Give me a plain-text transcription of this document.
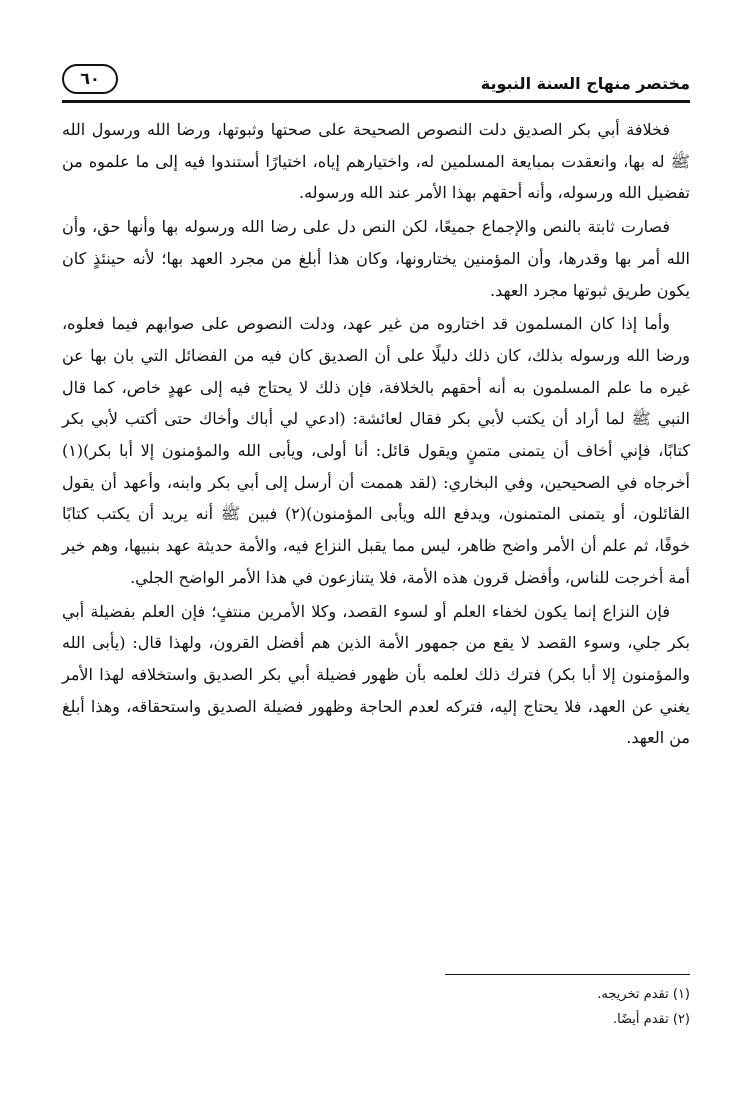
مختصر منهاج السنة النبوية
٦٠

فخلافة أبي بكر الصديق دلت النصوص الصحيحة على صحتها وثبوتها، ورضا الله ورسول الله ﷺ له بها، وانعقدت بمبايعة المسلمين له، واختيارهم إياه، اختيارًا أستندوا فيه إلى ما علموه من تفضيل الله ورسوله، وأنه أحقهم بهذا الأمر عند الله ورسوله.

فصارت ثابتة بالنص والإجماع جميعًا، لكن النص دل على رضا الله ورسوله بها وأنها حق، وأن الله أمر بها وقدرها، وأن المؤمنين يختارونها، وكان هذا أبلغ من مجرد العهد بها؛ لأنه حينئذٍ كان يكون طريق ثبوتها مجرد العهد.

وأما إذا كان المسلمون قد اختاروه من غير عهد، ودلت النصوص على صوابهم فيما فعلوه، ورضا الله ورسوله بذلك، كان ذلك دليلًا على أن الصديق كان فيه من الفضائل التي بان بها عن غيره ما علم المسلمون به أنه أحقهم بالخلافة، فإن ذلك لا يحتاج فيه إلى عهدٍ خاص، كما قال النبي ﷺ لما أراد أن يكتب لأبي بكر فقال لعائشة: (ادعي لي أباك وأخاك حتى أكتب لأبي بكر كتابًا، فإني أخاف أن يتمنى متمنٍ ويقول قائل: أنا أولى، ويأبى الله والمؤمنون إلا أبا بكر)(١) أخرجاه في الصحيحين، وفي البخاري: (لقد هممت أن أرسل إلى أبي بكر وابنه، وأعهد أن يقول القائلون، أو يتمنى المتمنون، ويدفع الله ويأبى المؤمنون)(٢) فبين ﷺ أنه يريد أن يكتب كتابًا خوفًا، ثم علم أن الأمر واضح ظاهر، ليس مما يقبل النزاع فيه، والأمة حديثة عهد بنبيها، وهم خير أمة أخرجت للناس، وأفضل قرون هذه الأمة، فلا يتنازعون في هذا الأمر الواضح الجلي.

فإن النزاع إنما يكون لخفاء العلم أو لسوء القصد، وكلا الأمرين منتفٍ؛ فإن العلم بفضيلة أبي بكر جلي، وسوء القصد لا يقع من جمهور الأمة الذين هم أفضل القرون، ولهذا قال: (يأبى الله والمؤمنون إلا أبا بكر) فترك ذلك لعلمه بأن ظهور فضيلة أبي بكر الصديق واستخلافه لهذا الأمر يغني عن العهد، فلا يحتاج إليه، فتركه لعدم الحاجة وظهور فضيلة الصديق واستحقاقه، وهذا أبلغ من العهد.

(١) تقدم تخريجه.
(٢) تقدم أيضًا.
